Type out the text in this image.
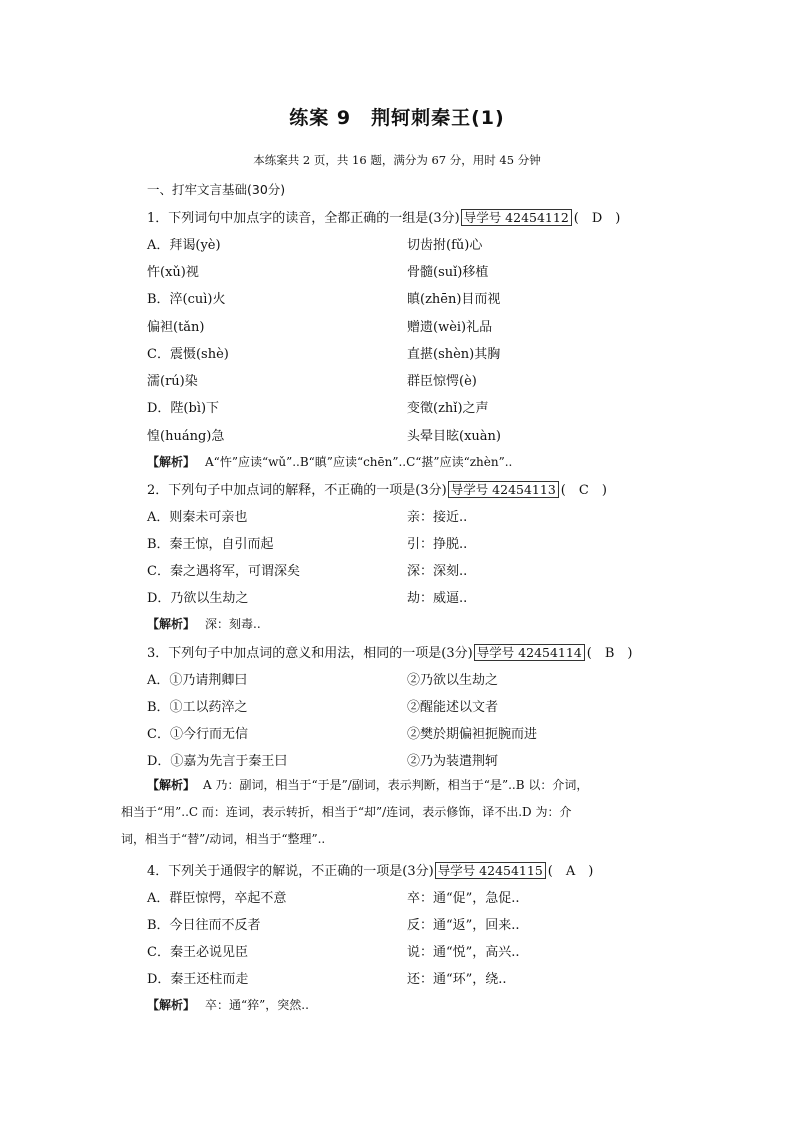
练案 9　荆轲刺秦王(1)
本练案共 2 页，共 16 题，满分为 67 分，用时 45 分钟
一、打牢文言基础(30分)
1．下列词句中加点字的读音，全都正确的一组是(3分) 导学号 42454112 (　D　)
A．拜谒(yè)	切齿拊(fǔ)心
忤(xǔ)视	骨髓(suǐ)移植
B．淬(cuì)火	瞋(zhēn)目而视
偏袒(tǎn)	赠遗(wèi)礼品
C．震慑(shè)	直揕(shèn)其胸
濡(rú)染	群臣惊愕(è)
D．陛(bì)下	变徵(zhǐ)之声
惶(huáng)急	头晕目眩(xuàn)
【解析】 A“忤”应读“wǔ”..B“瞋”应读“chēn”..C“揕”应读“zhèn”..
2．下列句子中加点词的解释，不正确的一项是(3分) 导学号 42454113 (　C　)
A．则秦未可亲也	亲：接近..
B．秦王惊，自引而起	引：挣脱..
C．秦之遇将军，可谓深矣	深：深刻..
D．乃欲以生劫之	劫：威逼..
【解析】 深：刻毒..
3．下列句子中加点词的意义和用法，相同的一项是(3分) 导学号 42454114 (　B　)
A．①乃请荆卿曰	②乃欲以生劫之
B．①工以药淬之	②醒能述以文者
C．①今行而无信	②樊於期偏袒扼腕而进
D．①嘉为先言于秦王曰	②乃为装遣荆轲
【解析】 A 乃：副词，相当于“于是”/副词，表示判断，相当于“是”..B 以：介词，
相当于“用”..C 而：连词，表示转折，相当于“却”/连词，表示修饰，译不出.D 为：介
词，相当于“替”/动词，相当于“整理”..
4．下列关于通假字的解说，不正确的一项是(3分) 导学号 42454115 (　A　)
A．群臣惊愕，卒起不意	卒：通“促”，急促..
B．今日往而不反者	反：通“返”，回来..
C．秦王必说见臣	说：通“悦”，高兴..
D．秦王还柱而走	还：通“环”，绕..
【解析】 卒：通“猝”，突然..
